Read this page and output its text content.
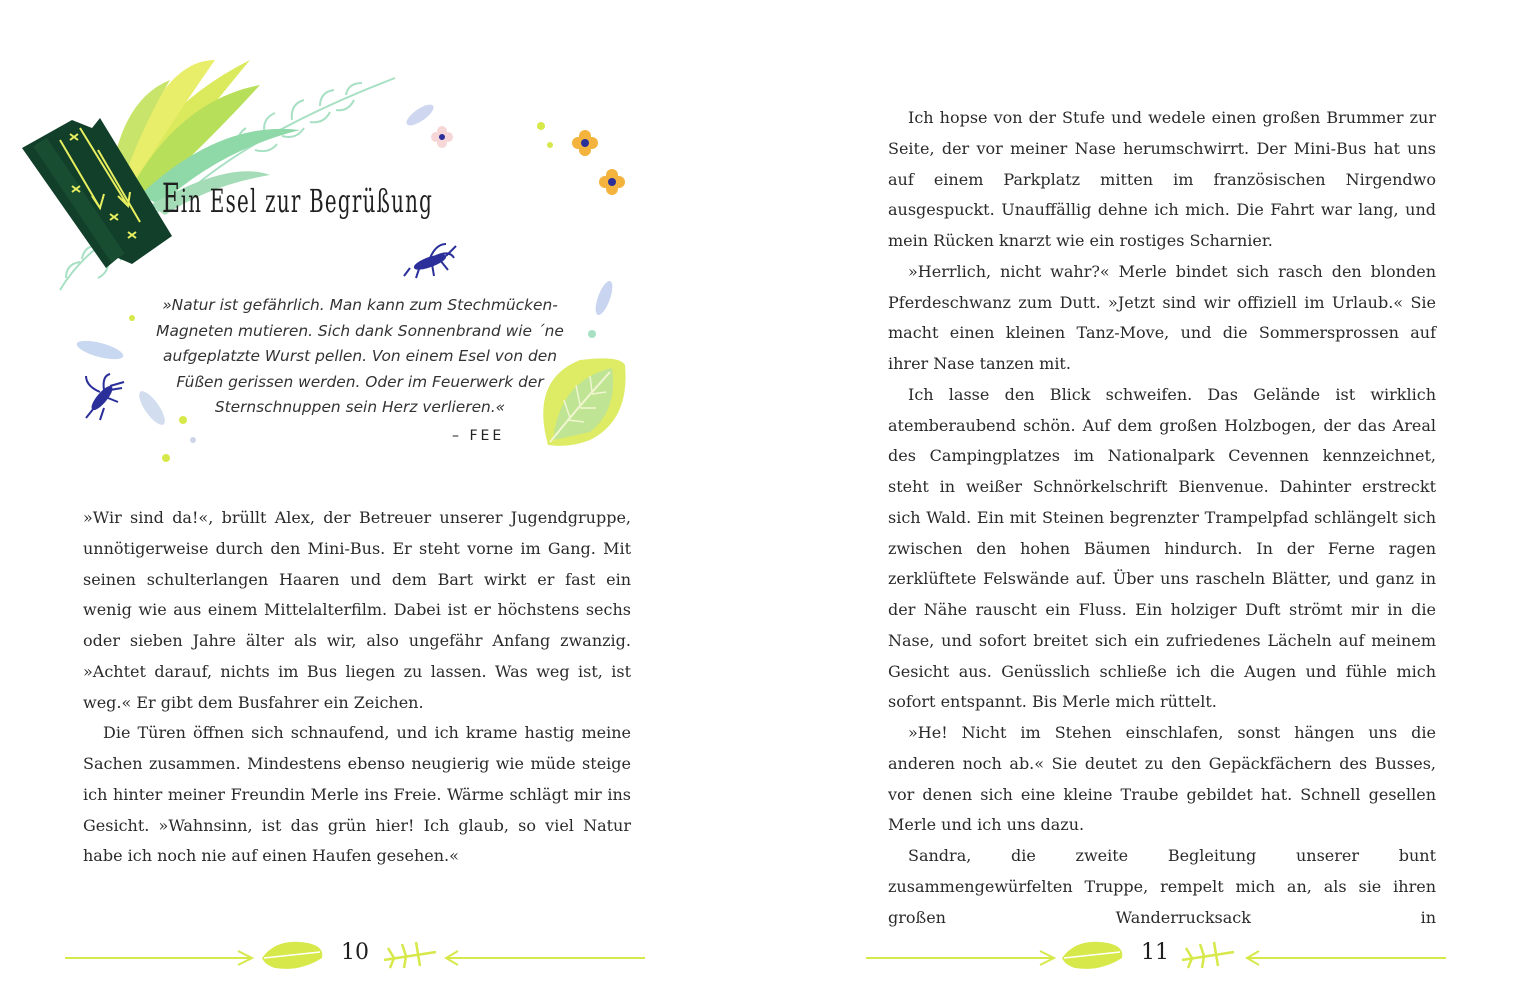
Ein Esel zur Begrüßung

»Natur ist gefährlich. Man kann zum Stechmücken-Magneten mutieren. Sich dank Sonnenbrand wie ´ne aufgeplatzte Wurst pellen. Von einem Esel von den Füßen gerissen werden. Oder im Feuerwerk der Sternschnuppen sein Herz verlieren.«

– FEE

»Wir sind da!«, brüllt Alex, der Betreuer unserer Jugendgruppe, unnötigerweise durch den Mini-Bus. Er steht vorne im Gang. Mit seinen schulterlangen Haaren und dem Bart wirkt er fast ein wenig wie aus einem Mittelalterfilm. Dabei ist er höchstens sechs oder sieben Jahre älter als wir, also ungefähr Anfang zwanzig. »Achtet darauf, nichts im Bus liegen zu lassen. Was weg ist, ist weg.« Er gibt dem Busfahrer ein Zeichen.

Die Türen öffnen sich schnaufend, und ich krame hastig meine Sachen zusammen. Mindestens ebenso neugierig wie müde steige ich hinter meiner Freundin Merle ins Freie. Wärme schlägt mir ins Gesicht. »Wahnsinn, ist das grün hier! Ich glaub, so viel Natur habe ich noch nie auf einen Haufen gesehen.«

10

Ich hopse von der Stufe und wedele einen großen Brummer zur Seite, der vor meiner Nase herumschwirrt. Der Mini-Bus hat uns auf einem Parkplatz mitten im französischen Nirgendwo ausgespuckt. Unauffällig dehne ich mich. Die Fahrt war lang, und mein Rücken knarzt wie ein rostiges Scharnier.

»Herrlich, nicht wahr?« Merle bindet sich rasch den blonden Pferdeschwanz zum Dutt. »Jetzt sind wir offiziell im Urlaub.« Sie macht einen kleinen Tanz-Move, und die Sommersprossen auf ihrer Nase tanzen mit.

Ich lasse den Blick schweifen. Das Gelände ist wirklich atemberaubend schön. Auf dem großen Holzbogen, der das Areal des Campingplatzes im Nationalpark Cevennen kennzeichnet, steht in weißer Schnörkelschrift Bienvenue. Dahinter erstreckt sich Wald. Ein mit Steinen begrenzter Trampelpfad schlängelt sich zwischen den hohen Bäumen hindurch. In der Ferne ragen zerklüftete Felswände auf. Über uns rascheln Blätter, und ganz in der Nähe rauscht ein Fluss. Ein holziger Duft strömt mir in die Nase, und sofort breitet sich ein zufriedenes Lächeln auf meinem Gesicht aus. Genüsslich schließe ich die Augen und fühle mich sofort entspannt. Bis Merle mich rüttelt.

»He! Nicht im Stehen einschlafen, sonst hängen uns die anderen noch ab.« Sie deutet zu den Gepäckfächern des Busses, vor denen sich eine kleine Traube gebildet hat. Schnell gesellen Merle und ich uns dazu.

Sandra, die zweite Begleitung unserer bunt zusammengewürfelten Truppe, rempelt mich an, als sie ihren großen Wanderrucksack in

11
